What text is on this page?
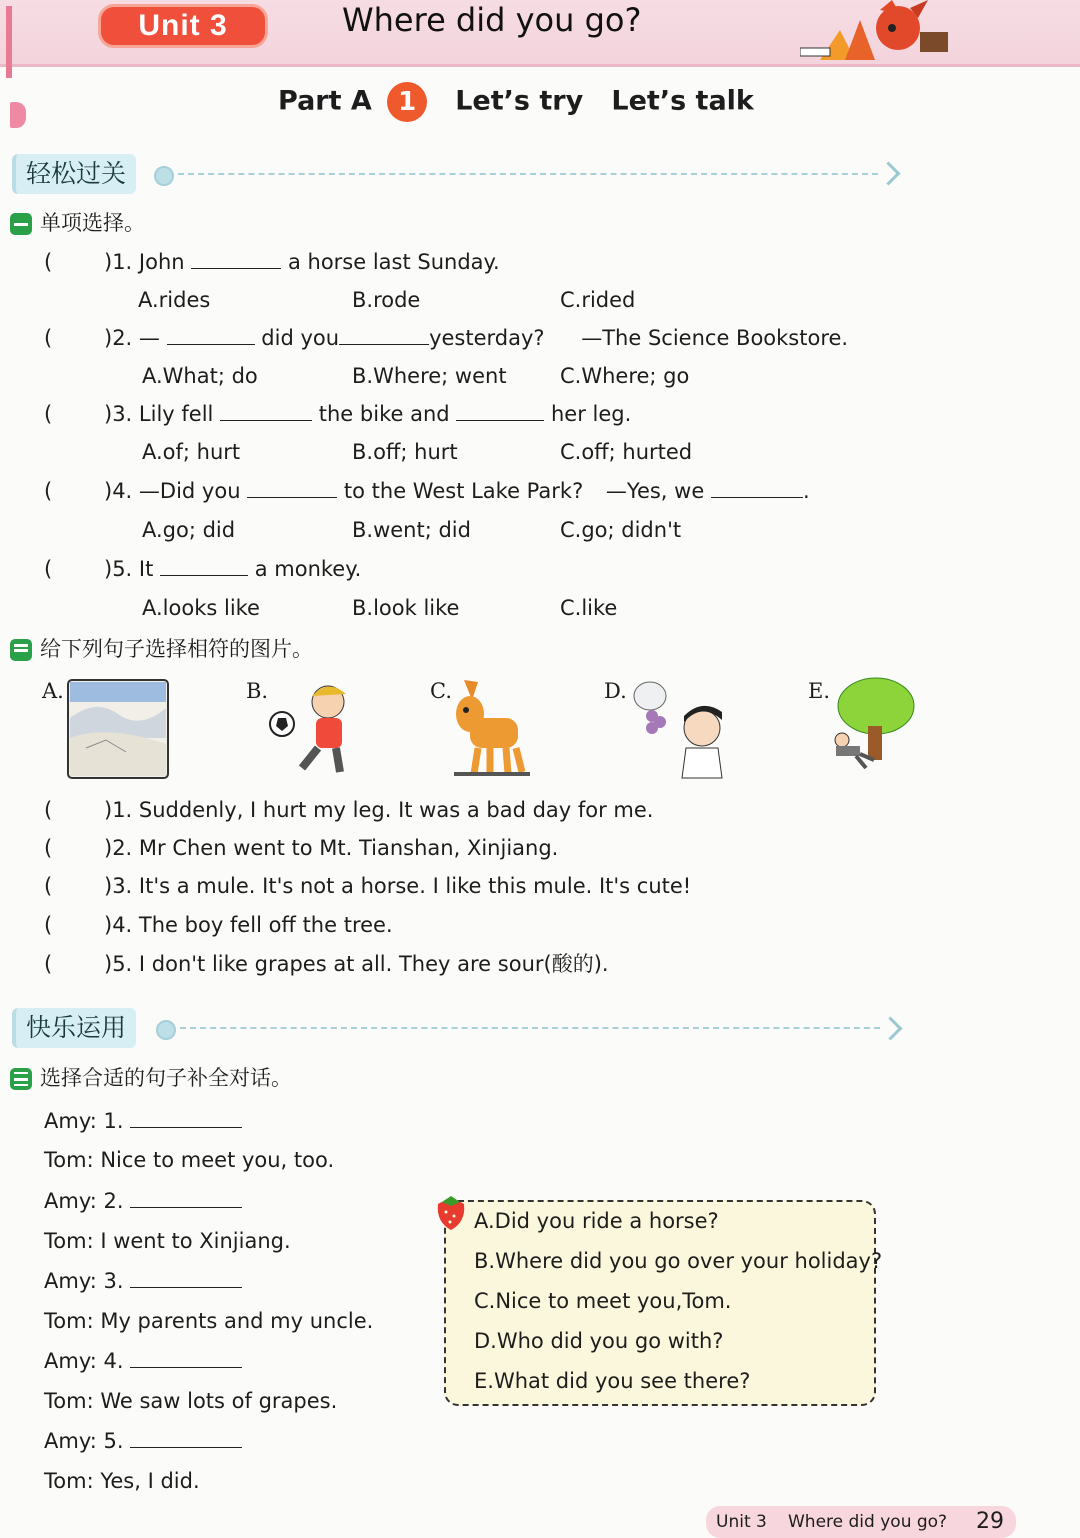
Unit 3	Where did you go?
Part A 1 Let’s try   Let’s talk
轻松过关
单项选择。
( )1. John	a horse last Sunday.
A.rides	B.rode	C.rided
( )2. —	did you	yesterday? —The Science Bookstore.
A.What; do	B.Where; went	C.Where; go
( )3. Lily fell	the bike and	her leg.
A.of; hurt	B.off; hurt	C.off; hurted
( )4. —Did you	to the West Lake Park? —Yes, we	.
A.go; did	B.went; did	C.go; didn't
( )5. It	a monkey.
A.looks like	B.look like	C.like
给下列句子选择相符的图片。
A.	B.	C.	D.	E.
( )1. Suddenly, I hurt my leg. It was a bad day for me.
( )2. Mr Chen went to Mt. Tianshan, Xinjiang.
( )3. It's a mule. It's not a horse. I like this mule. It's cute!
( )4. The boy fell off the tree.
( )5. I don't like grapes at all. They are sour(酸的).
快乐运用
选择合适的句子补全对话。
Amy: 1.
Tom: Nice to meet you, too.
Amy: 2.
Tom: I went to Xinjiang.
Amy: 3.
Tom: My parents and my uncle.
Amy: 4.
Tom: We saw lots of grapes.
Amy: 5.
Tom: Yes, I did.
A.Did you ride a horse?
B.Where did you go over your holiday?
C.Nice to meet you,Tom.
D.Who did you go with?
E.What did you see there?
Unit 3 Where did you go? 29
